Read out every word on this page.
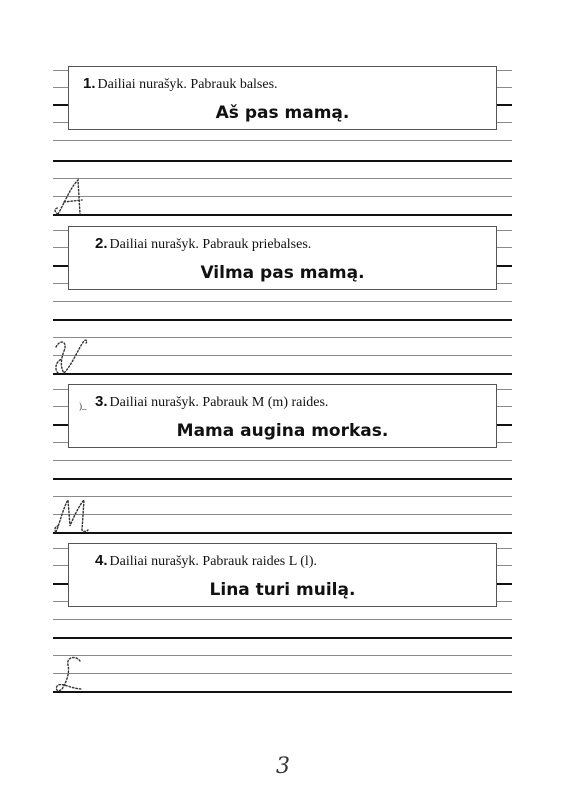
1. Dailiai nurašyk. Pabrauk balses.
Aš pas mamą.
2. Dailiai nurašyk. Pabrauk priebalses.
Vilma pas mamą.
)_ 3. Dailiai nurašyk. Pabrauk M (m) raides.
Mama augina morkas.
4. Dailiai nurašyk. Pabrauk raides L (l).
Lina turi muilą.
3
